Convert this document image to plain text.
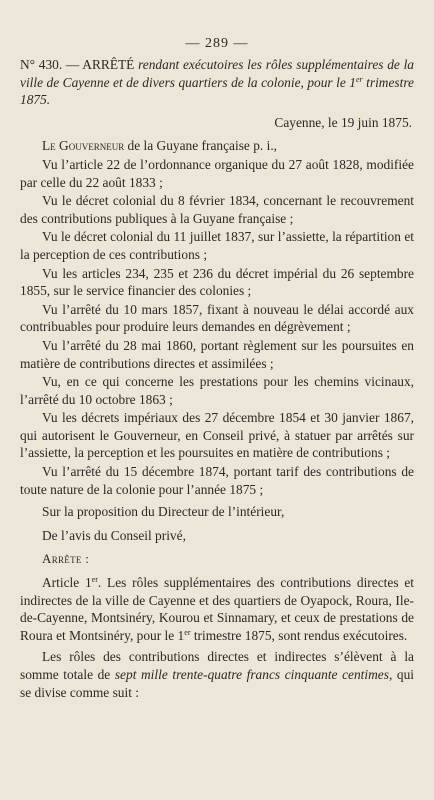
— 289 —

N° 430. — ARRÊTÉ rendant exécutoires les rôles supplémentaires de la ville de Cayenne et de divers quartiers de la colonie, pour le 1er trimestre 1875.

Cayenne, le 19 juin 1875.

Le Gouverneur de la Guyane française p. i.,

Vu l’article 22 de l’ordonnance organique du 27 août 1828, modifiée par celle du 22 août 1833 ;

Vu le décret colonial du 8 février 1834, concernant le recouvrement des contributions publiques à la Guyane française ;

Vu le décret colonial du 11 juillet 1837, sur l’assiette, la répartition et la perception de ces contributions ;

Vu les articles 234, 235 et 236 du décret impérial du 26 septembre 1855, sur le service financier des colonies ;

Vu l’arrêté du 10 mars 1857, fixant à nouveau le délai accordé aux contribuables pour produire leurs demandes en dégrèvement ;

Vu l’arrêté du 28 mai 1860, portant règlement sur les poursuites en matière de contributions directes et assimilées ;

Vu, en ce qui concerne les prestations pour les chemins vicinaux, l’arrêté du 10 octobre 1863 ;

Vu les décrets impériaux des 27 décembre 1854 et 30 janvier 1867, qui autorisent le Gouverneur, en Conseil privé, à statuer par arrêtés sur l’assiette, la perception et les poursuites en matière de contributions ;

Vu l’arrêté du 15 décembre 1874, portant tarif des contributions de toute nature de la colonie pour l’année 1875 ;

Sur la proposition du Directeur de l’intérieur,

De l’avis du Conseil privé,

Arrête :

Article 1er. Les rôles supplémentaires des contributions directes et indirectes de la ville de Cayenne et des quartiers de Oyapock, Roura, Ile-de-Cayenne, Montsinéry, Kourou et Sinnamary, et ceux de prestations de Roura et Montsinéry, pour le 1er trimestre 1875, sont rendus exécutoires.

Les rôles des contributions directes et indirectes s’élèvent à la somme totale de sept mille trente-quatre francs cinquante centimes, qui se divise comme suit :
